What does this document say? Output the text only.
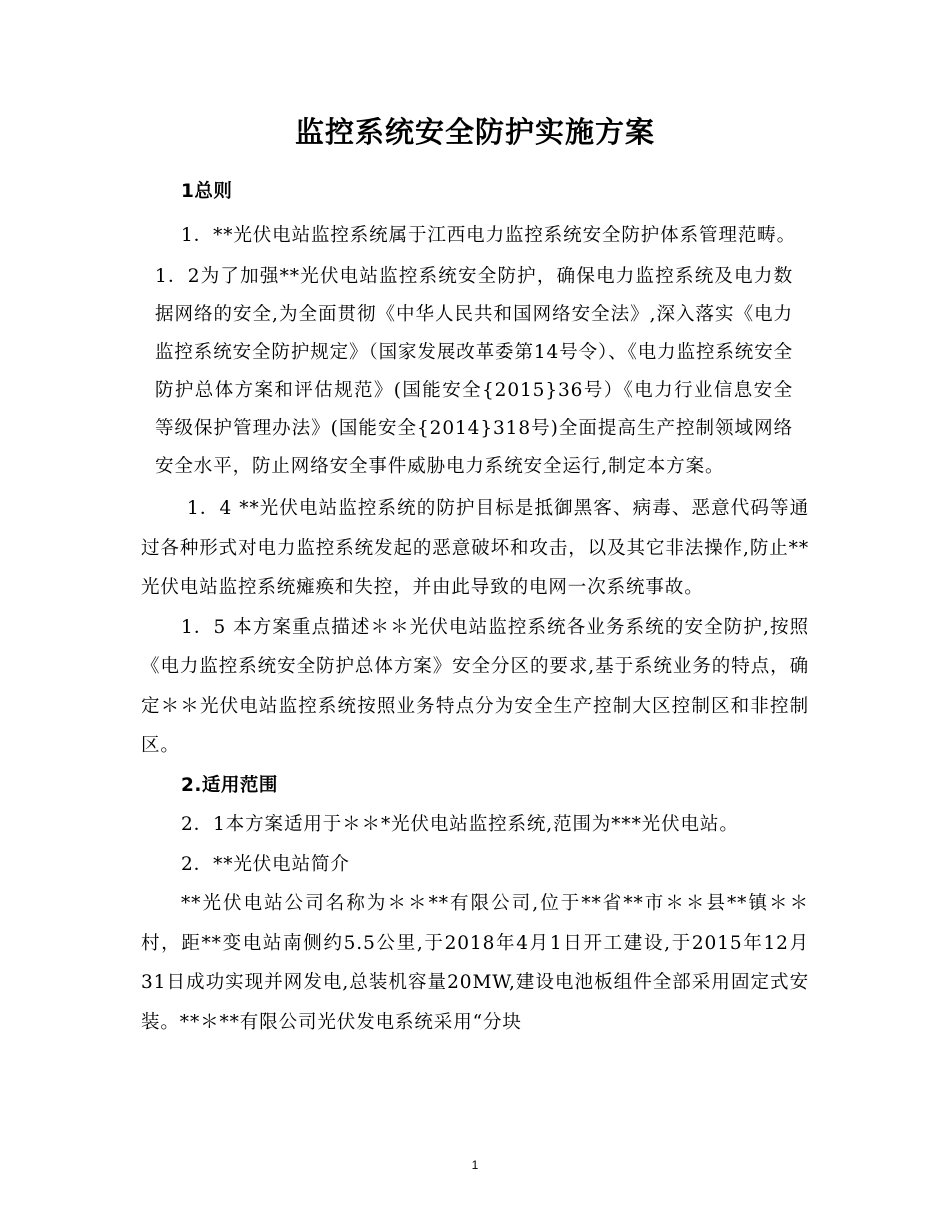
监控系统安全防护实施方案

1总则

1．**光伏电站监控系统属于江西电力监控系统安全防护体系管理范畴。

1．2为了加强**光伏电站监控系统安全防护，确保电力监控系统及电力数据网络的安全,为全面贯彻《中华人民共和国网络安全法》,深入落实《电力监控系统安全防护规定》（国家发展改革委第14号令）、《电力监控系统安全防护总体方案和评估规范》(国能安全{2015}36号）《电力行业信息安全等级保护管理办法》(国能安全{2014}318号)全面提高生产控制领域网络安全水平，防止网络安全事件威胁电力系统安全运行,制定本方案。

1．4 **光伏电站监控系统的防护目标是抵御黑客、病毒、恶意代码等通过各种形式对电力监控系统发起的恶意破坏和攻击，以及其它非法操作,防止**光伏电站监控系统瘫痪和失控，并由此导致的电网一次系统事故。

1．5 本方案重点描述＊＊光伏电站监控系统各业务系统的安全防护,按照《电力监控系统安全防护总体方案》安全分区的要求,基于系统业务的特点，确定＊＊光伏电站监控系统按照业务特点分为安全生产控制大区控制区和非控制区。

2.适用范围

2．1本方案适用于＊＊*光伏电站监控系统,范围为***光伏电站。

2．**光伏电站简介

**光伏电站公司名称为＊＊**有限公司,位于**省**市＊＊县**镇＊＊村，距**变电站南侧约5.5公里,于2018年4月1日开工建设,于2015年12月31日成功实现并网发电,总装机容量20MW,建设电池板组件全部采用固定式安装。**＊**有限公司光伏发电系统采用“分块

1
